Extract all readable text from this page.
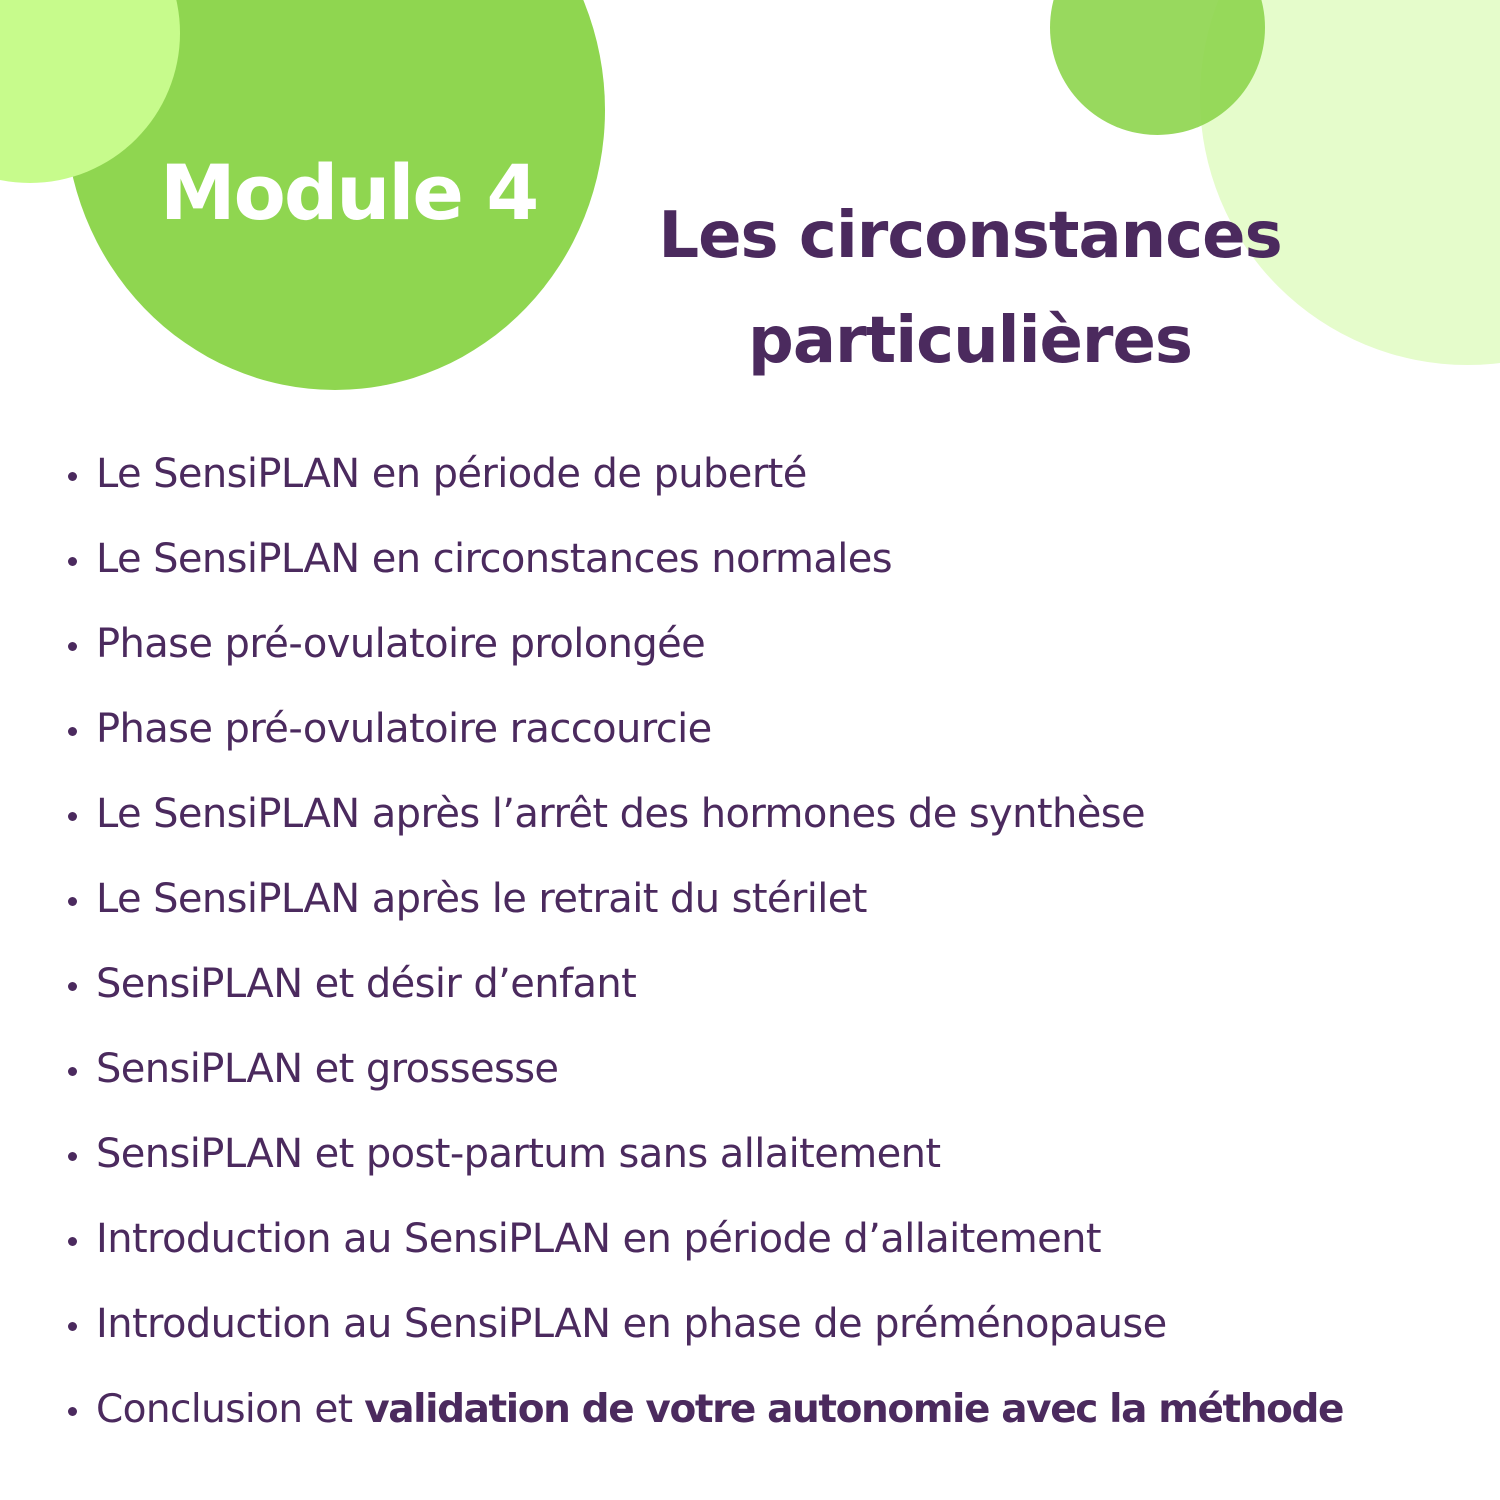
Module 4	Les circonstances
particulières
Le SensiPLAN en période de puberté
Le SensiPLAN en circonstances normales
Phase pré-ovulatoire prolongée
Phase pré-ovulatoire raccourcie
Le SensiPLAN après l’arrêt des hormones de synthèse
Le SensiPLAN après le retrait du stérilet
SensiPLAN et désir d’enfant
SensiPLAN et grossesse
SensiPLAN et post-partum sans allaitement
Introduction au SensiPLAN en période d’allaitement
Introduction au SensiPLAN en phase de préménopause
Conclusion et validation de votre autonomie avec la méthode
